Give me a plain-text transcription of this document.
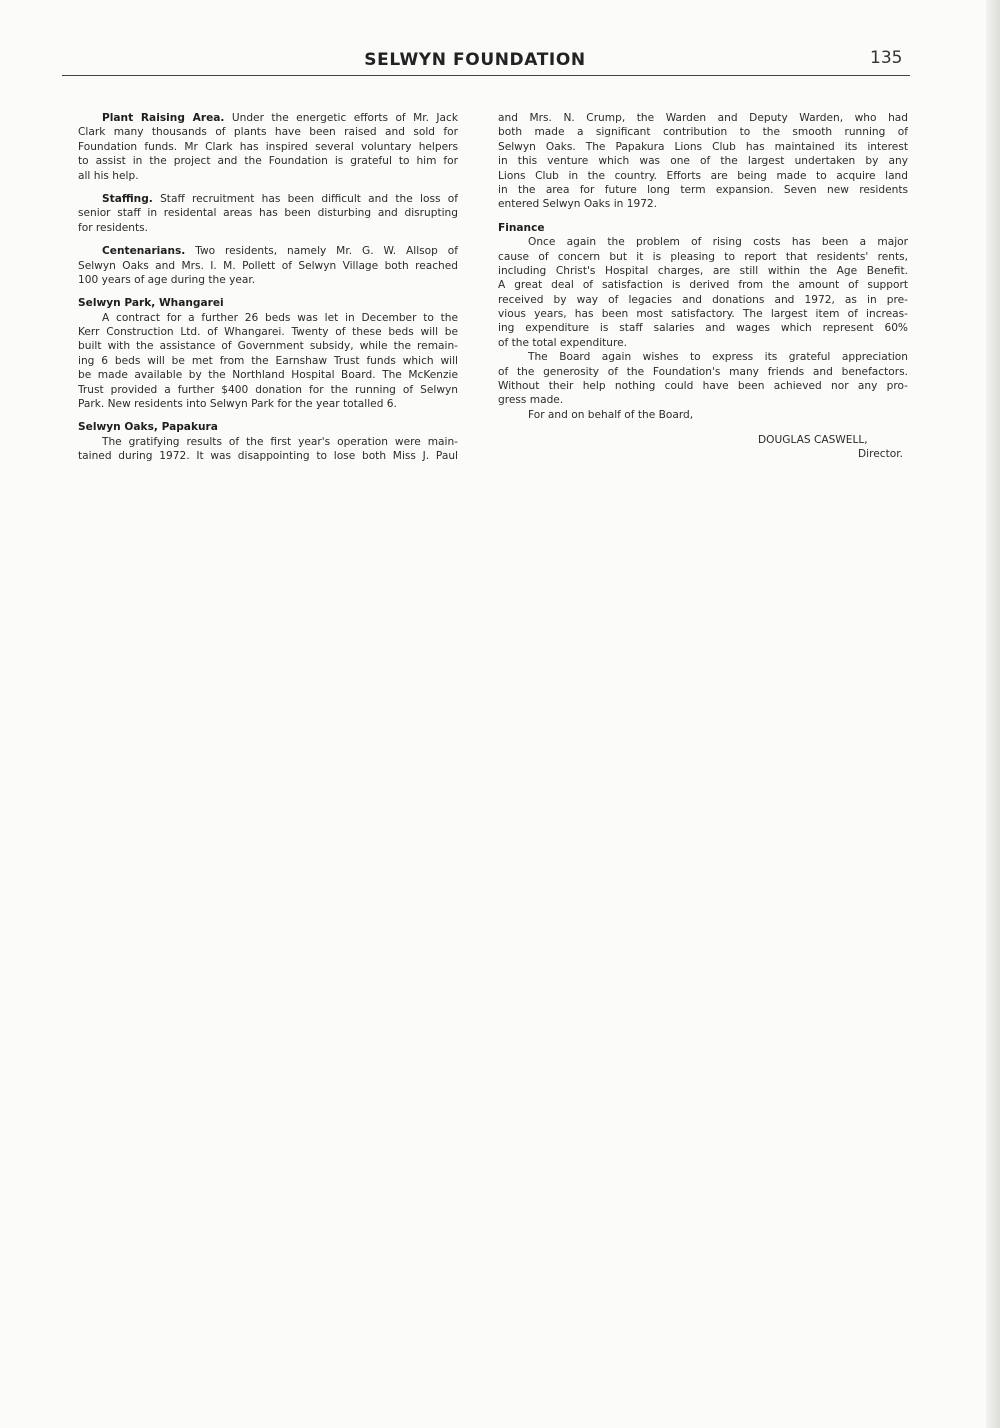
SELWYN FOUNDATION	135
Plant Raising Area. Under the energetic efforts of Mr. Jack
Clark many thousands of plants have been raised and sold for
Foundation funds. Mr Clark has inspired several voluntary helpers
to assist in the project and the Foundation is grateful to him for
all his help.
Staffing. Staff recruitment has been difficult and the loss of
senior staff in residental areas has been disturbing and disrupting
for residents.
Centenarians. Two residents, namely Mr. G. W. Allsop of
Selwyn Oaks and Mrs. I. M. Pollett of Selwyn Village both reached
100 years of age during the year.
Selwyn Park, Whangarei
A contract for a further 26 beds was let in December to the
Kerr Construction Ltd. of Whangarei. Twenty of these beds will be
built with the assistance of Government subsidy, while the remain-
ing 6 beds will be met from the Earnshaw Trust funds which will
be made available by the Northland Hospital Board. The McKenzie
Trust provided a further $400 donation for the running of Selwyn
Park. New residents into Selwyn Park for the year totalled 6.
Selwyn Oaks, Papakura
The gratifying results of the first year's operation were main-
tained during 1972. It was disappointing to lose both Miss J. Paul
and Mrs. N. Crump, the Warden and Deputy Warden, who had
both made a significant contribution to the smooth running of
Selwyn Oaks. The Papakura Lions Club has maintained its interest
in this venture which was one of the largest undertaken by any
Lions Club in the country. Efforts are being made to acquire land
in the area for future long term expansion. Seven new residents
entered Selwyn Oaks in 1972.
Finance
Once again the problem of rising costs has been a major
cause of concern but it is pleasing to report that residents' rents,
including Christ's Hospital charges, are still within the Age Benefit.
A great deal of satisfaction is derived from the amount of support
received by way of legacies and donations and 1972, as in pre-
vious years, has been most satisfactory. The largest item of increas-
ing expenditure is staff salaries and wages which represent 60%
of the total expenditure.
The Board again wishes to express its grateful appreciation
of the generosity of the Foundation's many friends and benefactors.
Without their help nothing could have been achieved nor any pro-
gress made.
For and on behalf of the Board,
DOUGLAS CASWELL,
Director.
